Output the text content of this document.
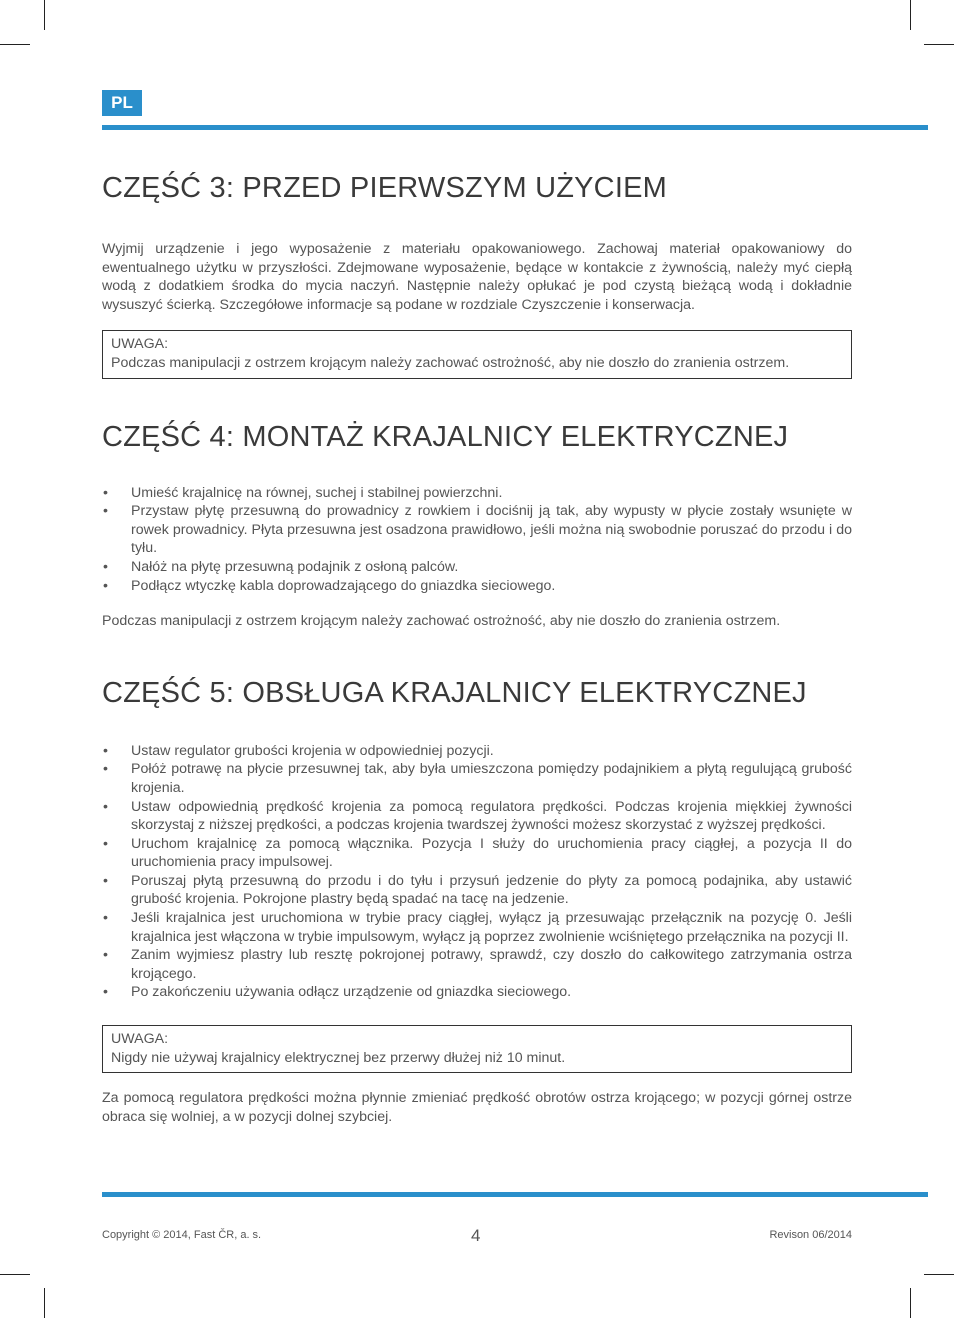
PL
CZĘŚĆ 3: PRZED PIERWSZYM UŻYCIEM

Wyjmij urządzenie i jego wyposażenie z materiału opakowaniowego. Zachowaj materiał opakowaniowy do ewentualnego użytku w przyszłości. Zdejmowane wyposażenie, będące w kontakcie z żywnością, należy myć ciepłą wodą z dodatkiem środka do mycia naczyń. Następnie należy opłukać je pod czystą bieżącą wodą i dokładnie wysuszyć ścierką. Szczegółowe informacje są podane w rozdziale Czyszczenie i konserwacja.

UWAGA:
Podczas manipulacji z ostrzem krojącym należy zachować ostrożność, aby nie doszło do zranienia ostrzem.
CZĘŚĆ 4: MONTAŻ KRAJALNICY ELEKTRYCZNEJ
• Umieść krajalnicę na równej, suchej i stabilnej powierzchni.
• Przystaw płytę przesuwną do prowadnicy z rowkiem i dociśnij ją tak, aby wypusty w płycie zostały wsunięte w rowek prowadnicy. Płyta przesuwna jest osadzona prawidłowo, jeśli można nią swobodnie poruszać do przodu i do tyłu.
• Nałóż na płytę przesuwną podajnik z osłoną palców.
• Podłącz wtyczkę kabla doprowadzającego do gniazdka sieciowego.

Podczas manipulacji z ostrzem krojącym należy zachować ostrożność, aby nie doszło do zranienia ostrzem.

CZĘŚĆ 5: OBSŁUGA KRAJALNICY ELEKTRYCZNEJ
• Ustaw regulator grubości krojenia w odpowiedniej pozycji.
• Połóż potrawę na płycie przesuwnej tak, aby była umieszczona pomiędzy podajnikiem a płytą regulującą grubość krojenia.
• Ustaw odpowiednią prędkość krojenia za pomocą regulatora prędkości. Podczas krojenia miękkiej żywności skorzystaj z niższej prędkości, a podczas krojenia twardszej żywności możesz skorzystać z wyższej prędkości.
• Uruchom krajalnicę za pomocą włącznika. Pozycja I służy do uruchomienia pracy ciągłej, a pozycja II do uruchomienia pracy impulsowej.
• Poruszaj płytą przesuwną do przodu i do tyłu i przysuń jedzenie do płyty za pomocą podajnika, aby ustawić grubość krojenia. Pokrojone plastry będą spadać na tacę na jedzenie.
• Jeśli krajalnica jest uruchomiona w trybie pracy ciągłej, wyłącz ją przesuwając przełącznik na pozycję 0. Jeśli krajalnica jest włączona w trybie impulsowym, wyłącz ją poprzez zwolnienie wciśniętego przełącznika na pozycji II.
• Zanim wyjmiesz plastry lub resztę pokrojonej potrawy, sprawdź, czy doszło do całkowitego zatrzymania ostrza krojącego.
• Po zakończeniu używania odłącz urządzenie od gniazdka sieciowego.
UWAGA:
Nigdy nie używaj krajalnicy elektrycznej bez przerwy dłużej niż 10 minut.

Za pomocą regulatora prędkości można płynnie zmieniać prędkość obrotów ostrza krojącego; w pozycji górnej ostrze obraca się wolniej, a w pozycji dolnej szybciej.

Copyright © 2014, Fast ČR, a. s.	4	Revison 06/2014
